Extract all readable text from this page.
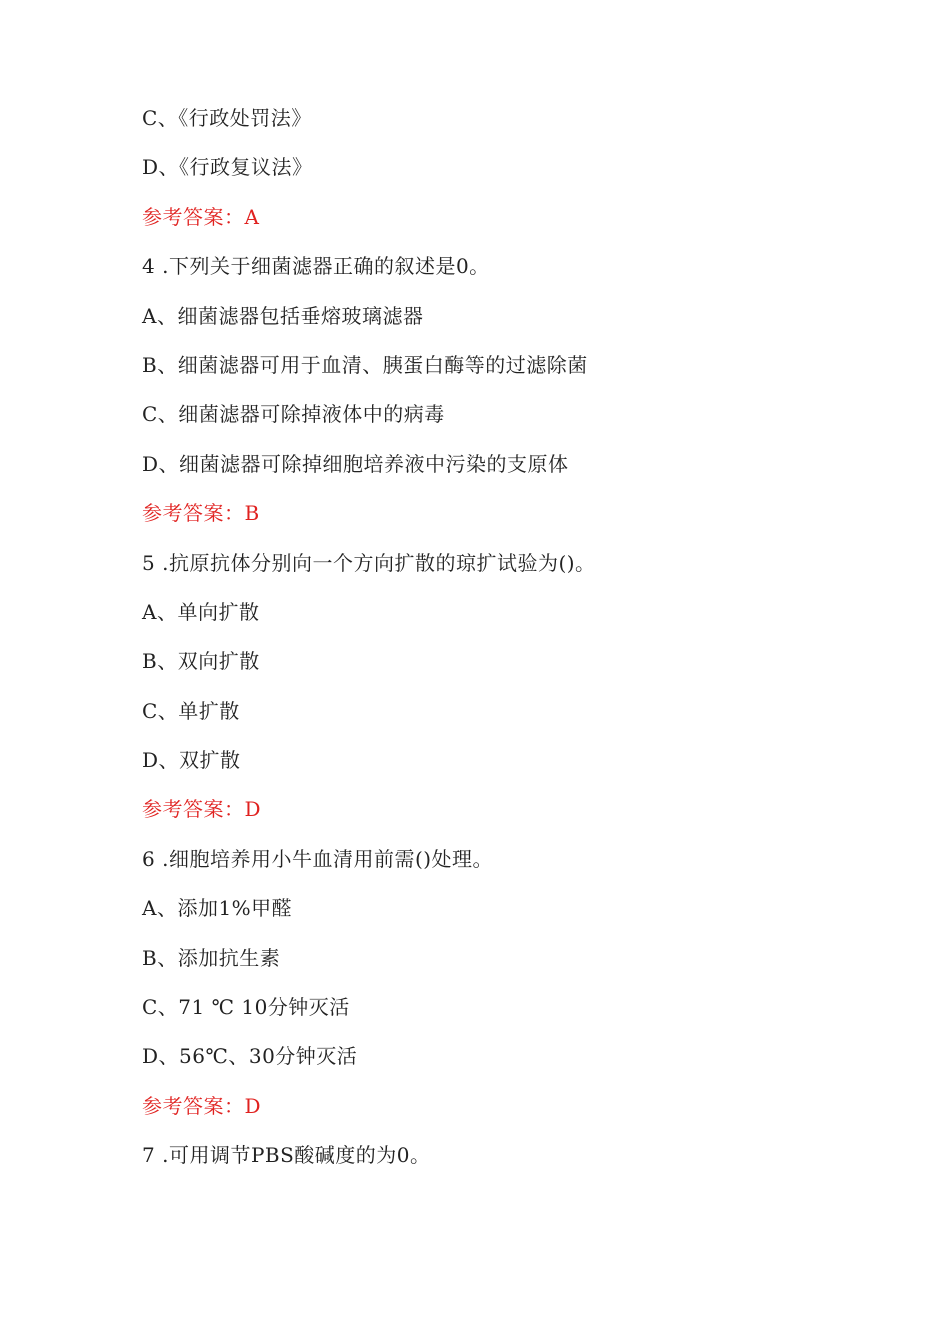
C、《行政处罚法》
D、《行政复议法》
参考答案：A
4 .下列关于细菌滤器正确的叙述是0。
A、细菌滤器包括垂熔玻璃滤器
B、细菌滤器可用于血清、胰蛋白酶等的过滤除菌
C、细菌滤器可除掉液体中的病毒
D、细菌滤器可除掉细胞培养液中污染的支原体
参考答案：B
5 .抗原抗体分别向一个方向扩散的琼扩试验为()。
A、单向扩散
B、双向扩散
C、单扩散
D、双扩散
参考答案：D
6 .细胞培养用小牛血清用前需()处理。
A、添加1%甲醛
B、添加抗生素
C、71 ℃ 10分钟灭活
D、56℃、30分钟灭活
参考答案：D
7 .可用调节PBS酸碱度的为0。
